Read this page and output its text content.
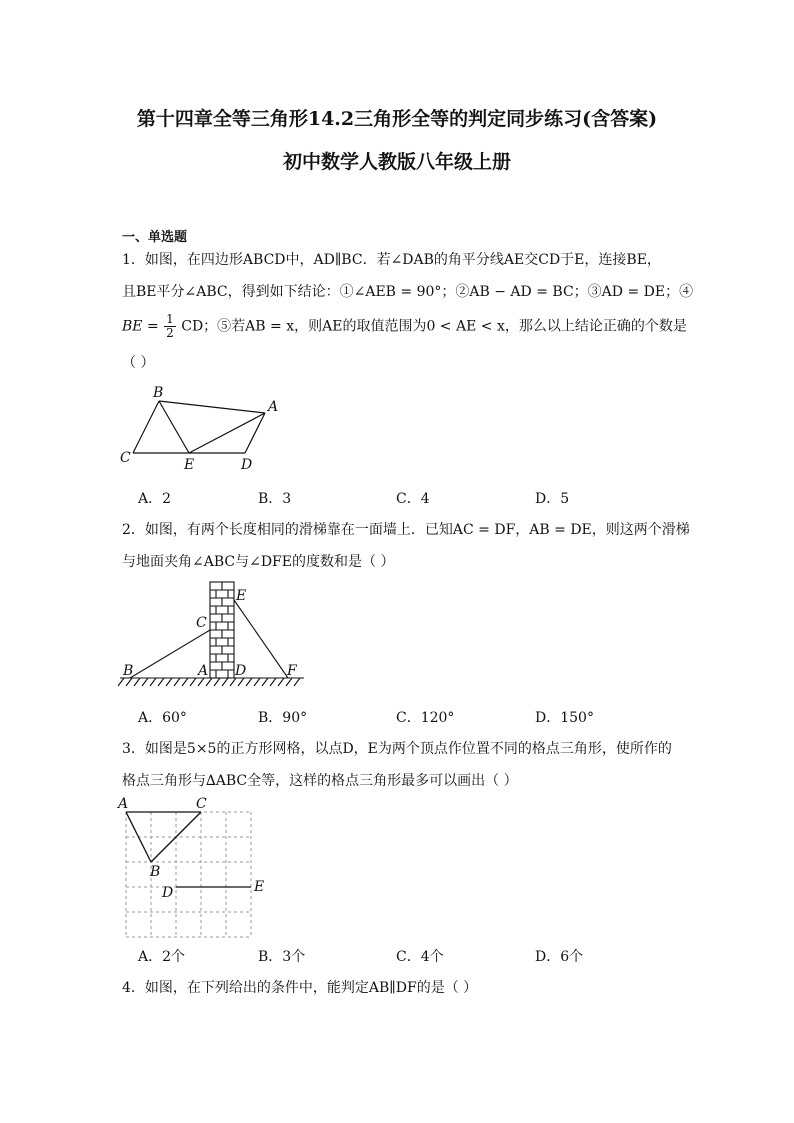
第十四章全等三角形14.2三角形全等的判定同步练习(含答案)
初中数学人教版八年级上册
一、单选题
1．如图，在四边形ABCD中，AD∥BC．若∠DAB的角平分线AE交CD于E，连接BE，
且BE平分∠ABC，得到如下结论：①∠AEB = 90°；②AB − AD = BC；③AD = DE；④
BE = $\frac{1}{2}$ CD；⑤若AB = x，则AE的取值范围为0 < AE < x，那么以上结论正确的个数是
（ ）
B
A
C	E	D
A．2	B．3	C．4	D．5
2．如图，有两个长度相同的滑梯靠在一面墙上．已知AC = DF，AB = DE，则这两个滑梯
与地面夹角∠ABC与∠DFE的度数和是（ ）
E
C
B	A D	F
A．60°	B．90°	C．120°	D．150°
3．如图是5×5的正方形网格，以点D，E为两个顶点作位置不同的格点三角形，使所作的
格点三角形与∆ABC全等，这样的格点三角形最多可以画出（ ）
A	C
B
D	E
A．2个	B．3个	C．4个	D．6个
4．如图，在下列给出的条件中，能判定AB∥DF的是（ ）
